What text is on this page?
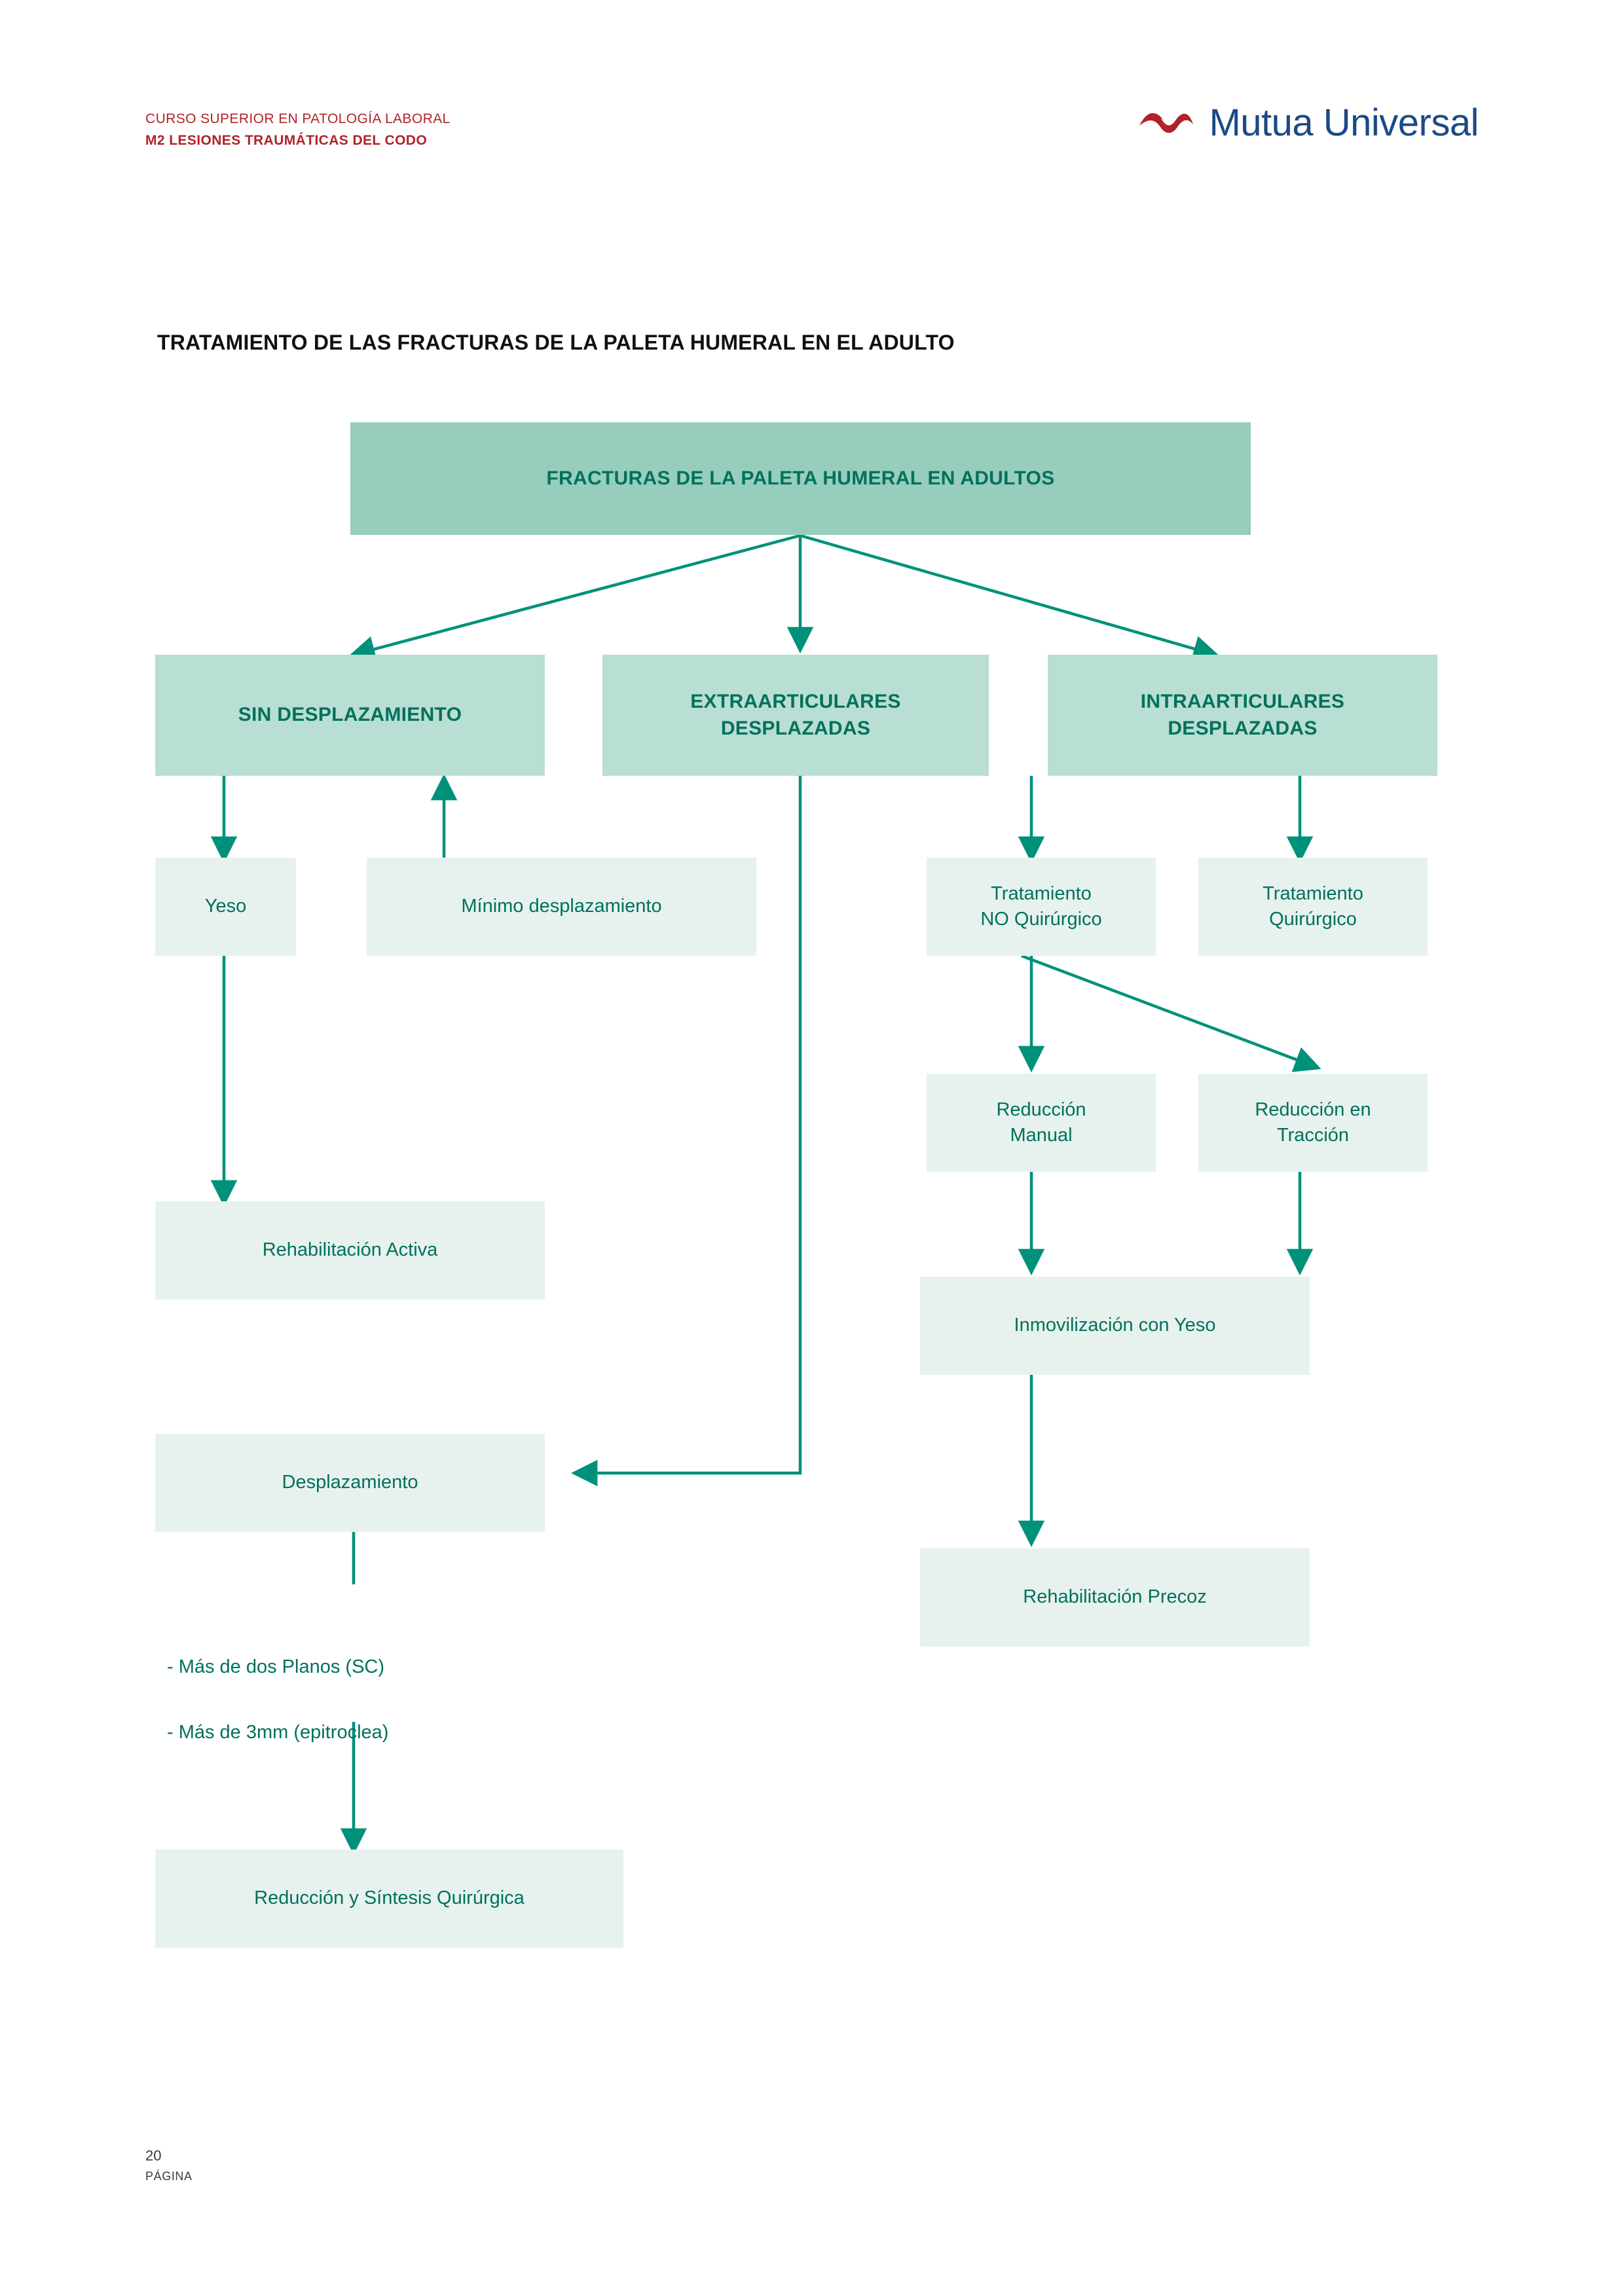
CURSO SUPERIOR EN PATOLOGÍA LABORAL
M2 LESIONES TRAUMÁTICAS DEL CODO	Mutua Universal
TRATAMIENTO DE LAS FRACTURAS DE LA PALETA HUMERAL EN EL ADULTO
FRACTURAS DE LA PALETA HUMERAL EN ADULTOS
SIN DESPLAZAMIENTO
EXTRAARTICULARES
DESPLAZADAS
INTRAARTICULARES
DESPLAZADAS
Yeso	Mínimo desplazamiento
Rehabilitación Activa
Desplazamiento
- Más de dos Planos (SC)
- Más de 3mm (epitroclea)
Reducción y Síntesis Quirúrgica
Tratamiento
NO Quirúrgico
Tratamiento
Quirúrgico
Reducción
Manual
Reducción en
Tracción
Inmovilización con Yeso
Rehabilitación Precoz
20
PÁGINA
